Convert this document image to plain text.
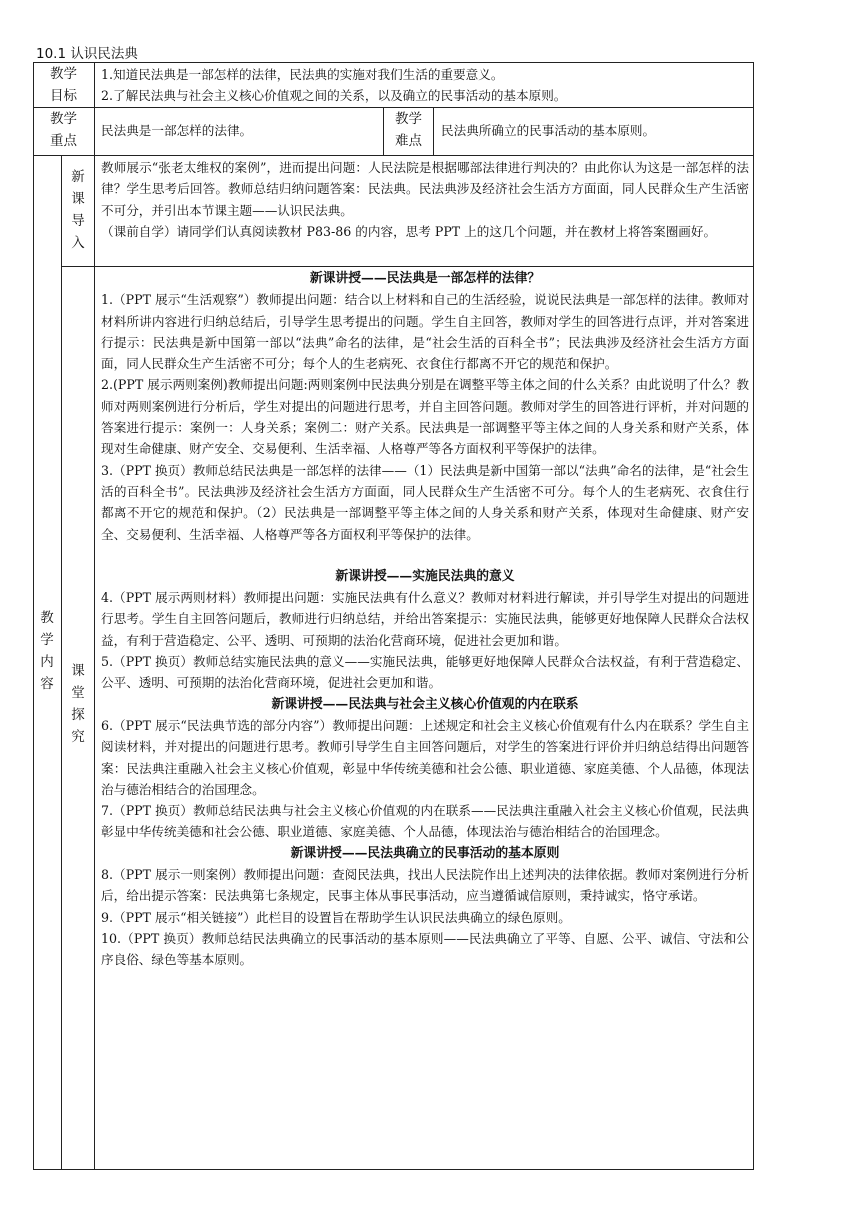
10.1 认识民法典
教学
目标

1.知道民法典是一部怎样的法律，民法典的实施对我们生活的重要意义。

2.了解民法典与社会主义核心价值观之间的关系，以及确立的民事活动的基本原则。

教学
重点
民法典是一部怎样的法律。
教学
难点
民法典所确立的民事活动的基本原则。
教
学
内
容
新
课
导
入

教师展示“张老太维权的案例”，进而提出问题：人民法院是根据哪部法律进行判决的？由此你认为这是一部怎样的法律？学生思考后回答。教师总结归纳问题答案：民法典。民法典涉及经济社会生活方方面面，同人民群众生产生活密不可分，并引出本节课主题——认识民法典。

（课前自学）请同学们认真阅读教材 P83-86 的内容，思考 PPT 上的这几个问题，并在教材上将答案圈画好。

课
堂
探
究

新课讲授——民法典是一部怎样的法律？

1.（PPT 展示“生活观察”）教师提出问题：结合以上材料和自己的生活经验，说说民法典是一部怎样的法律。教师对材料所讲内容进行归纳总结后，引导学生思考提出的问题。学生自主回答，教师对学生的回答进行点评，并对答案进行提示：民法典是新中国第一部以“法典”命名的法律，是“社会生活的百科全书”；民法典涉及经济社会生活方方面面，同人民群众生产生活密不可分；每个人的生老病死、衣食住行都离不开它的规范和保护。

2.(PPT 展示两则案例)教师提出问题:两则案例中民法典分别是在调整平等主体之间的什么关系？由此说明了什么？教师对两则案例进行分析后，学生对提出的问题进行思考，并自主回答问题。教师对学生的回答进行评析，并对问题的答案进行提示：案例一：人身关系；案例二：财产关系。民法典是一部调整平等主体之间的人身关系和财产关系，体现对生命健康、财产安全、交易便利、生活幸福、人格尊严等各方面权利平等保护的法律。

3.（PPT 换页）教师总结民法典是一部怎样的法律——（1）民法典是新中国第一部以“法典”命名的法律，是“社会生活的百科全书”。民法典涉及经济社会生活方方面面，同人民群众生产生活密不可分。每个人的生老病死、衣食住行都离不开它的规范和保护。（2）民法典是一部调整平等主体之间的人身关系和财产关系，体现对生命健康、财产安全、交易便利、生活幸福、人格尊严等各方面权利平等保护的法律。

新课讲授——实施民法典的意义

4.（PPT 展示两则材料）教师提出问题：实施民法典有什么意义？教师对材料进行解读，并引导学生对提出的问题进行思考。学生自主回答问题后，教师进行归纳总结，并给出答案提示：实施民法典，能够更好地保障人民群众合法权益，有利于营造稳定、公平、透明、可预期的法治化营商环境，促进社会更加和谐。

5.（PPT 换页）教师总结实施民法典的意义——实施民法典，能够更好地保障人民群众合法权益，有利于营造稳定、公平、透明、可预期的法治化营商环境，促进社会更加和谐。

新课讲授——民法典与社会主义核心价值观的内在联系

6.（PPT 展示“民法典节选的部分内容”）教师提出问题：上述规定和社会主义核心价值观有什么内在联系？学生自主阅读材料，并对提出的问题进行思考。教师引导学生自主回答问题后，对学生的答案进行评价并归纳总结得出问题答案：民法典注重融入社会主义核心价值观，彰显中华传统美德和社会公德、职业道德、家庭美德、个人品德，体现法治与德治相结合的治国理念。

7.（PPT 换页）教师总结民法典与社会主义核心价值观的内在联系——民法典注重融入社会主义核心价值观，民法典彰显中华传统美德和社会公德、职业道德、家庭美德、个人品德，体现法治与德治相结合的治国理念。

新课讲授——民法典确立的民事活动的基本原则

8.（PPT 展示一则案例）教师提出问题：查阅民法典，找出人民法院作出上述判决的法律依据。教师对案例进行分析后，给出提示答案：民法典第七条规定，民事主体从事民事活动，应当遵循诚信原则，秉持诚实，恪守承诺。

9.（PPT 展示“相关链接”）此栏目的设置旨在帮助学生认识民法典确立的绿色原则。

10.（PPT 换页）教师总结民法典确立的民事活动的基本原则——民法典确立了平等、自愿、公平、诚信、守法和公序良俗、绿色等基本原则。
